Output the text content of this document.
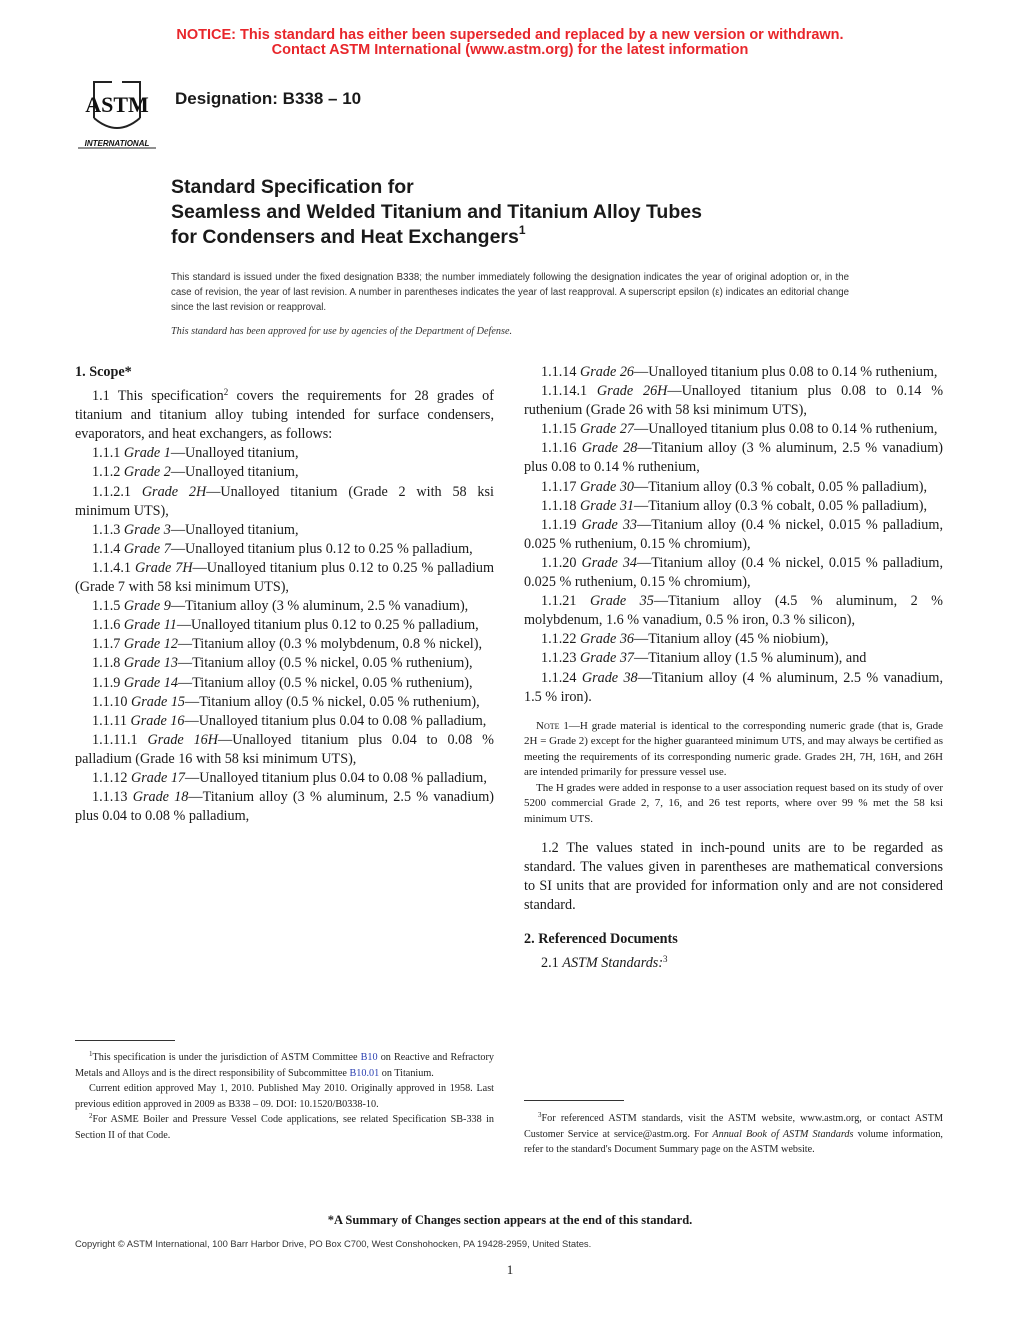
NOTICE: This standard has either been superseded and replaced by a new version or withdrawn.
Contact ASTM International (www.astm.org) for the latest information
ASTM
INTERNATIONAL
Designation: B338 – 10
Standard Specification for
Seamless and Welded Titanium and Titanium Alloy Tubes
for Condensers and Heat Exchangers$^1$
This standard is issued under the fixed designation B338; the number immediately following the designation indicates the year of original adoption or, in the case of revision, the year of last revision. A number in parentheses indicates the year of last reapproval. A superscript epsilon (ε) indicates an editorial change since the last revision or reapproval.
This standard has been approved for use by agencies of the Department of Defense.
1. Scope*

1.1 This specification$^2$ covers the requirements for 28 grades of titanium and titanium alloy tubing intended for surface condensers, evaporators, and heat exchangers, as follows:

1.1.1 Grade 1—Unalloyed titanium,

1.1.2 Grade 2—Unalloyed titanium,

1.1.2.1 Grade 2H—Unalloyed titanium (Grade 2 with 58 ksi minimum UTS),

1.1.3 Grade 3—Unalloyed titanium,

1.1.4 Grade 7—Unalloyed titanium plus 0.12 to 0.25 % palladium,

1.1.4.1 Grade 7H—Unalloyed titanium plus 0.12 to 0.25 % palladium (Grade 7 with 58 ksi minimum UTS),

1.1.5 Grade 9—Titanium alloy (3 % aluminum, 2.5 % vanadium),

1.1.6 Grade 11—Unalloyed titanium plus 0.12 to 0.25 % palladium,

1.1.7 Grade 12—Titanium alloy (0.3 % molybdenum, 0.8 % nickel),

1.1.8 Grade 13—Titanium alloy (0.5 % nickel, 0.05 % ruthenium),

1.1.9 Grade 14—Titanium alloy (0.5 % nickel, 0.05 % ruthenium),

1.1.10 Grade 15—Titanium alloy (0.5 % nickel, 0.05 % ruthenium),

1.1.11 Grade 16—Unalloyed titanium plus 0.04 to 0.08 % palladium,

1.1.11.1 Grade 16H—Unalloyed titanium plus 0.04 to 0.08 % palladium (Grade 16 with 58 ksi minimum UTS),

1.1.12 Grade 17—Unalloyed titanium plus 0.04 to 0.08 % palladium,

1.1.13 Grade 18—Titanium alloy (3 % aluminum, 2.5 % vanadium) plus 0.04 to 0.08 % palladium,

1.1.14 Grade 26—Unalloyed titanium plus 0.08 to 0.14 % ruthenium,

1.1.14.1 Grade 26H—Unalloyed titanium plus 0.08 to 0.14 % ruthenium (Grade 26 with 58 ksi minimum UTS),

1.1.15 Grade 27—Unalloyed titanium plus 0.08 to 0.14 % ruthenium,

1.1.16 Grade 28—Titanium alloy (3 % aluminum, 2.5 % vanadium) plus 0.08 to 0.14 % ruthenium,

1.1.17 Grade 30—Titanium alloy (0.3 % cobalt, 0.05 % palladium),

1.1.18 Grade 31—Titanium alloy (0.3 % cobalt, 0.05 % palladium),

1.1.19 Grade 33—Titanium alloy (0.4 % nickel, 0.015 % palladium, 0.025 % ruthenium, 0.15 % chromium),

1.1.20 Grade 34—Titanium alloy (0.4 % nickel, 0.015 % palladium, 0.025 % ruthenium, 0.15 % chromium),

1.1.21 Grade 35—Titanium alloy (4.5 % aluminum, 2 % molybdenum, 1.6 % vanadium, 0.5 % iron, 0.3 % silicon),

1.1.22 Grade 36—Titanium alloy (45 % niobium),

1.1.23 Grade 37—Titanium alloy (1.5 % aluminum), and

1.1.24 Grade 38—Titanium alloy (4 % aluminum, 2.5 % vanadium, 1.5 % iron).

Note 1—H grade material is identical to the corresponding numeric grade (that is, Grade 2H = Grade 2) except for the higher guaranteed minimum UTS, and may always be certified as meeting the requirements of its corresponding numeric grade. Grades 2H, 7H, 16H, and 26H are intended primarily for pressure vessel use.

The H grades were added in response to a user association request based on its study of over 5200 commercial Grade 2, 7, 16, and 26 test reports, where over 99 % met the 58 ksi minimum UTS.

1.2 The values stated in inch-pound units are to be regarded as standard. The values given in parentheses are mathematical conversions to SI units that are provided for information only and are not considered standard.

2. Referenced Documents

2.1 ASTM Standards:$^3$

$^1$This specification is under the jurisdiction of ASTM Committee B10 on Reactive and Refractory Metals and Alloys and is the direct responsibility of Subcommittee B10.01 on Titanium.

Current edition approved May 1, 2010. Published May 2010. Originally approved in 1958. Last previous edition approved in 2009 as B338 – 09. DOI: 10.1520/B0338-10.

$^2$For ASME Boiler and Pressure Vessel Code applications, see related Specification SB-338 in Section II of that Code.

$^3$For referenced ASTM standards, visit the ASTM website, www.astm.org, or contact ASTM Customer Service at service@astm.org. For Annual Book of ASTM Standards volume information, refer to the standard's Document Summary page on the ASTM website.

*A Summary of Changes section appears at the end of this standard.
Copyright © ASTM International, 100 Barr Harbor Drive, PO Box C700, West Conshohocken, PA 19428-2959, United States.
1
